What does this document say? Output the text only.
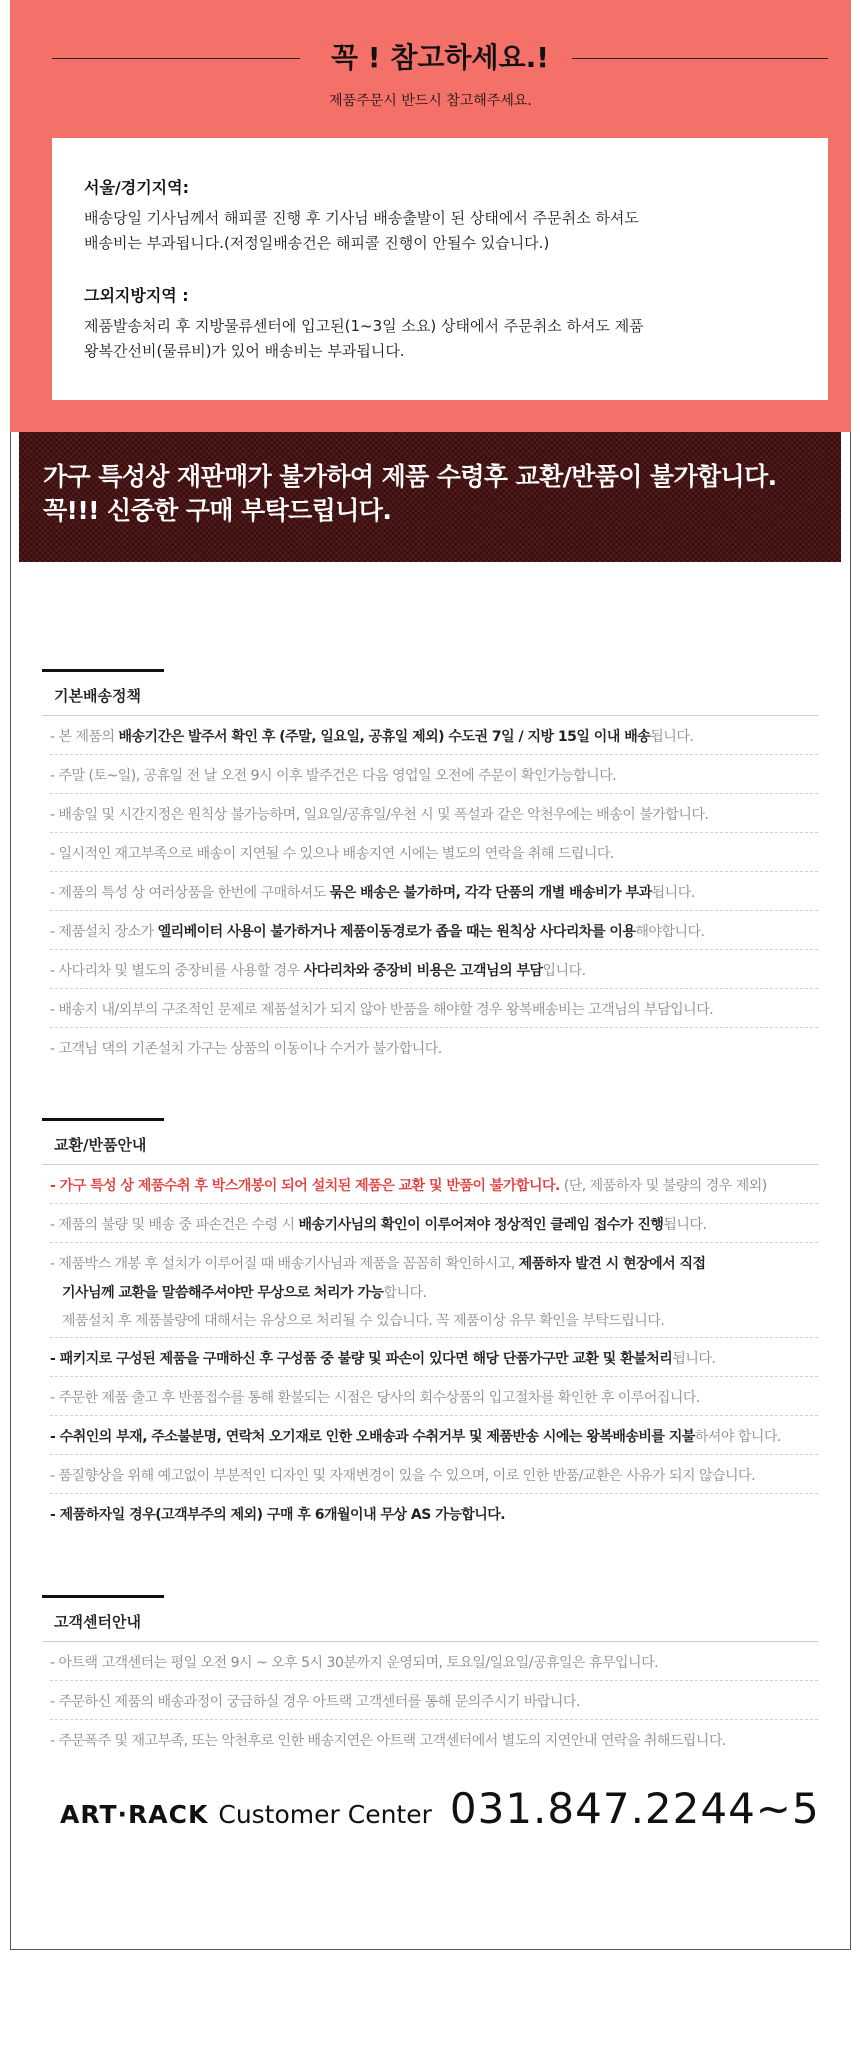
꼭 ! 참고하세요.!
제품주문시 반드시 참고해주세요.
서울/경기지역:

배송당일 기사님께서 해피콜 진행 후 기사님 배송출발이 된 상태에서 주문취소 하셔도
배송비는 부과됩니다.(저정일배송건은 해피콜 진행이 안될수 있습니다.)

그외지방지역 :

제품발송처리 후 지방물류센터에 입고된(1~3일 소요) 상태에서 주문취소 하셔도 제품
왕복간선비(물류비)가 있어 배송비는 부과됩니다.

가구 특성상 재판매가 불가하여 제품 수령후 교환/반품이 불가합니다.
꼭!!! 신중한 구매 부탁드립니다.
기본배송정책
- 본 제품의 배송기간은 발주서 확인 후 (주말, 일요일, 공휴일 제외) 수도권 7일 / 지방 15일 이내 배송됩니다.
- 주말 (토~일), 공휴일 전 날 오전 9시 이후 발주건은 다음 영업일 오전에 주문이 확인가능합니다.
- 배송일 및 시간지정은 원칙상 불가능하며, 일요일/공휴일/우천 시 및 폭설과 같은 악천우에는 배송이 불가합니다.
- 일시적인 재고부족으로 배송이 지연될 수 있으나 배송지연 시에는 별도의 연락을 취해 드립니다.
- 제품의 특성 상 여러상품을 한번에 구매하셔도 묶은 배송은 불가하며, 각각 단품의 개별 배송비가 부과됩니다.
- 제품설치 장소가 엘리베이터 사용이 불가하거나 제품이동경로가 좁을 때는 원칙상 사다리차를 이용해야합니다.
- 사다리차 및 별도의 중장비를 사용할 경우 사다리차와 중장비 비용은 고객님의 부담입니다.
- 배송지 내/외부의 구조적인 문제로 제품설치가 되지 않아 반품을 해야할 경우 왕복배송비는 고객님의 부담입니다.
- 고객님 댁의 기존설치 가구는 상품의 이동이나 수거가 불가합니다.
교환/반품안내
- 가구 특성 상 제품수취 후 박스개봉이 되어 설치된 제품은 교환 및 반품이 불가합니다. (단, 제품하자 및 불량의 경우 제외)
- 제품의 불량 및 배송 중 파손건은 수령 시 배송기사님의 확인이 이루어져야 정상적인 클레임 접수가 진행됩니다.
- 제품박스 개봉 후 설치가 이루어질 때 배송기사님과 제품을 꼼꼼히 확인하시고, 제품하자 발견 시 현장에서 직접
기사님께 교환을 말씀해주셔야만 무상으로 처리가 가능합니다.
제품설치 후 제품불량에 대해서는 유상으로 처리될 수 있습니다. 꼭 제품이상 유무 확인을 부탁드립니다.
- 패키지로 구성된 제품을 구매하신 후 구성품 중 불량 및 파손이 있다면 해당 단품가구만 교환 및 환불처리됩니다.
- 주문한 제품 출고 후 반품접수를 통해 환불되는 시점은 당사의 회수상품의 입고절차를 확인한 후 이루어집니다.
- 수취인의 부재, 주소불분명, 연락처 오기재로 인한 오배송과 수취거부 및 제품반송 시에는 왕복배송비를 지불하셔야 합니다.
- 품질향상을 위해 예고없이 부분적인 디자인 및 자재변경이 있을 수 있으며, 이로 인한 반품/교환은 사유가 되지 않습니다.
- 제품하자일 경우(고객부주의 제외) 구매 후 6개월이내 무상 AS 가능합니다.
고객센터안내
- 아트랙 고객센터는 평일 오전 9시 ~ 오후 5시 30분까지 운영되며, 토요일/일요일/공휴일은 휴무입니다.
- 주문하신 제품의 배송과정이 궁금하실 경우 아트랙 고객센터를 통해 문의주시기 바랍니다.
- 주문폭주 및 재고부족, 또는 악천후로 인한 배송지연은 아트랙 고객센터에서 별도의 지연안내 연락을 취해드립니다.
ART·RACK Customer Center 031.847.2244~5
